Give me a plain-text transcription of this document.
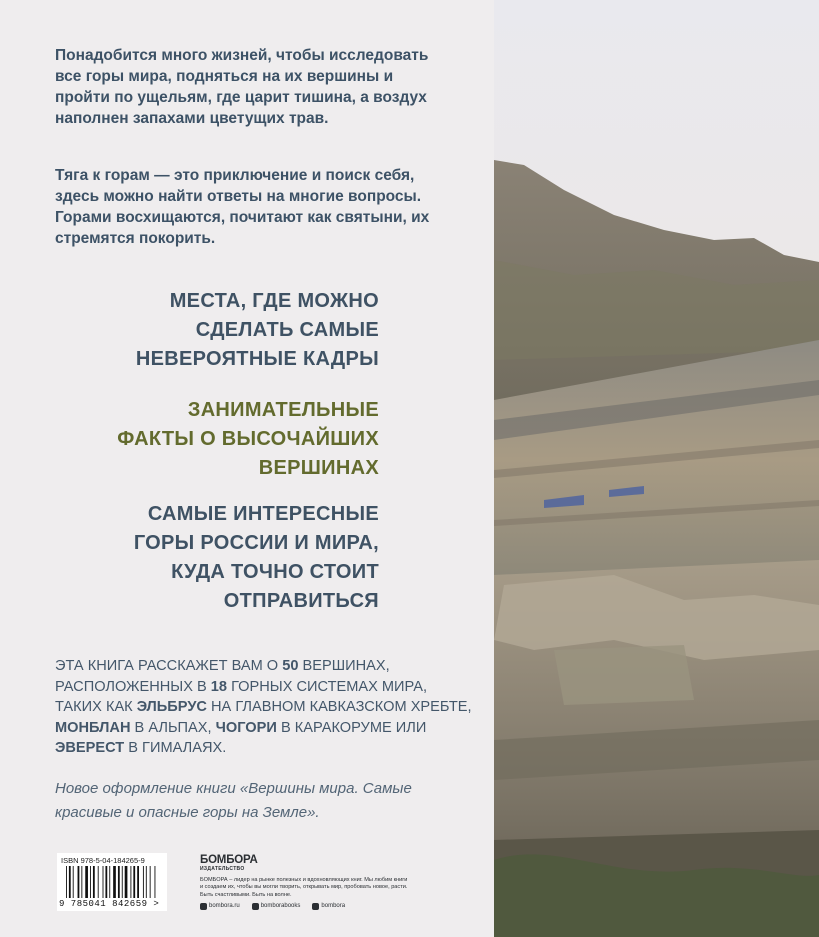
Понадобится много жизней, чтобы исследовать все горы мира, подняться на их вершины и пройти по ущельям, где царит тишина, а воздух наполнен запахами цветущих трав.

Тяга к горам — это приключение и поиск себя, здесь можно найти ответы на многие вопросы. Горами восхищаются, почитают как святыни, их стремятся покорить.

МЕСТА, ГДЕ МОЖНО
СДЕЛАТЬ САМЫЕ
НЕВЕРОЯТНЫЕ КАДРЫ
ЗАНИМАТЕЛЬНЫЕ
ФАКТЫ О ВЫСОЧАЙШИХ
ВЕРШИНАХ
САМЫЕ ИНТЕРЕСНЫЕ
ГОРЫ РОССИИ И МИРА,
КУДА ТОЧНО СТОИТ
ОТПРАВИТЬСЯ

ЭТА КНИГА РАССКАЖЕТ ВАМ О 50 ВЕРШИНАХ, РАСПОЛОЖЕННЫХ В 18 ГОРНЫХ СИСТЕМАХ МИРА, ТАКИХ КАК ЭЛЬБРУС НА ГЛАВНОМ КАВКАЗСКОМ ХРЕБТЕ, МОНБЛАН В АЛЬПАХ, ЧОГОРИ В КАРАКОРУМЕ ИЛИ ЭВЕРЕСТ В ГИМАЛАЯХ.

Новое оформление книги «Вершины мира. Самые красивые и опасные горы на Земле».

ISBN 978-5-04-184265-9
9 785041 842659 >
БОМБОРА
ИЗДАТЕЛЬСТВО
БОМБОРА – лидер на рынке полезных и вдохновляющих книг. Мы любим книги и создаем их, чтобы вы могли творить, открывать мир, пробовать новое, расти. Быть счастливыми. Быть на волне.
bombora.ru	bomborabooks	bombora
